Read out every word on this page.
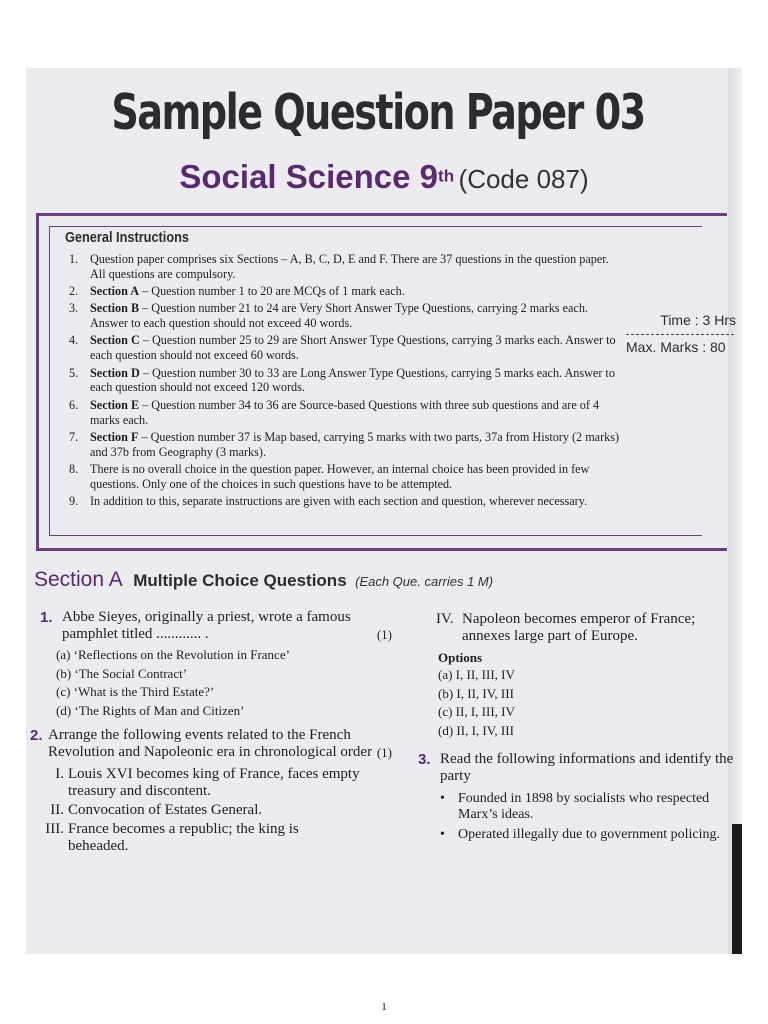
Sample Question Paper 03
Social Science 9th (Code 087)
General Instructions
1. Question paper comprises six Sections – A, B, C, D, E and F. There are 37 questions in the question paper. All questions are compulsory.
2. Section A – Question number 1 to 20 are MCQs of 1 mark each.
3. Section B – Question number 21 to 24 are Very Short Answer Type Questions, carrying 2 marks each. Answer to each question should not exceed 40 words.
4. Section C – Question number 25 to 29 are Short Answer Type Questions, carrying 3 marks each. Answer to each question should not exceed 60 words.
5. Section D – Question number 30 to 33 are Long Answer Type Questions, carrying 5 marks each. Answer to each question should not exceed 120 words.
6. Section E – Question number 34 to 36 are Source-based Questions with three sub questions and are of 4 marks each.
7. Section F – Question number 37 is Map based, carrying 5 marks with two parts, 37a from History (2 marks) and 37b from Geography (3 marks).
8. There is no overall choice in the question paper. However, an internal choice has been provided in few questions. Only one of the choices in such questions have to be attempted.
9. In addition to this, separate instructions are given with each section and question, wherever necessary.
Time : 3 Hrs
Max. Marks : 80
Section A Multiple Choice Questions (Each Que. carries 1 M)
1. Abbe Sieyes, originally a priest, wrote a famous pamphlet titled ............ .	(1)
(a) ‘Reflections on the Revolution in France’
(b) ‘The Social Contract’
(c) ‘What is the Third Estate?’
(d) ‘The Rights of Man and Citizen’
2. Arrange the following events related to the French Revolution and Napoleonic era in chronological order (1)
I. Louis XVI becomes king of France, faces empty treasury and discontent.
II. Convocation of Estates General.
III. France becomes a republic; the king is beheaded.
IV. Napoleon becomes emperor of France; annexes large part of Europe.
Options
(a) I, II, III, IV
(b) I, II, IV, III
(c) II, I, III, IV
(d) II, I, IV, III
3. Read the following informations and identify the party
• Founded in 1898 by socialists who respected Marx’s ideas.
• Operated illegally due to government policing.
1
